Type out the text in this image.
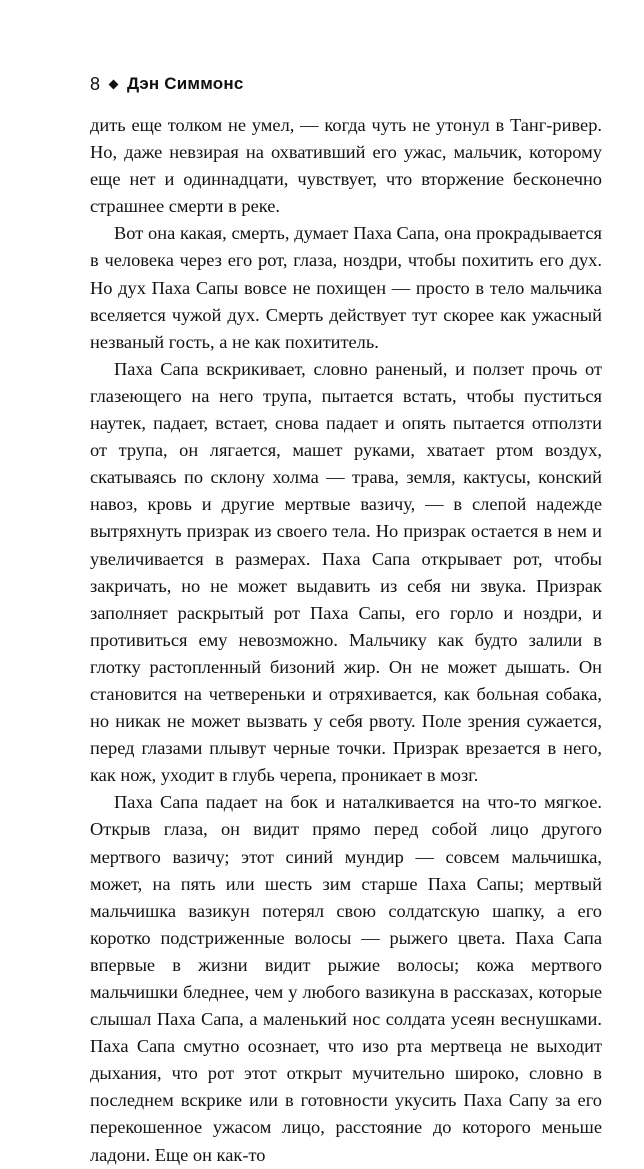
8 Дэн Симмонс

дить еще толком не умел, — когда чуть не утонул в Танг-ривер. Но, даже невзирая на охвативший его ужас, мальчик, которому еще нет и одиннадцати, чувствует, что вторжение бесконечно страшнее смерти в реке.

Вот она какая, смерть, думает Паха Сапа, она прокрадывается в человека через его рот, глаза, ноздри, чтобы похитить его дух. Но дух Паха Сапы вовсе не похищен — просто в тело мальчика вселяется чужой дух. Смерть действует тут скорее как ужасный незваный гость, а не как похититель.

Паха Сапа вскрикивает, словно раненый, и ползет прочь от глазеющего на него трупа, пытается встать, чтобы пуститься наутек, падает, встает, снова падает и опять пытается отползти от трупа, он лягается, машет руками, хватает ртом воздух, скатываясь по склону холма — трава, земля, кактусы, конский навоз, кровь и другие мертвые вазичу, — в слепой надежде вытряхнуть призрак из своего тела. Но призрак остается в нем и увеличивается в размерах. Паха Сапа открывает рот, чтобы закричать, но не может выдавить из себя ни звука. Призрак заполняет раскрытый рот Паха Сапы, его горло и ноздри, и противиться ему невозможно. Мальчику как будто залили в глотку растопленный бизоний жир. Он не может дышать. Он становится на четвереньки и отряхивается, как больная собака, но никак не может вызвать у себя рвоту. Поле зрения сужается, перед глазами плывут черные точки. Призрак врезается в него, как нож, уходит в глубь черепа, проникает в мозг.

Паха Сапа падает на бок и наталкивается на что-то мягкое. Открыв глаза, он видит прямо перед собой лицо другого мертвого вазичу; этот синий мундир — совсем мальчишка, может, на пять или шесть зим старше Паха Сапы; мертвый мальчишка вазикун потерял свою солдатскую шапку, а его коротко подстриженные волосы — рыжего цвета. Паха Сапа впервые в жизни видит рыжие волосы; кожа мертвого мальчишки бледнее, чем у любого вазикуна в рассказах, которые слышал Паха Сапа, а маленький нос солдата усеян веснушками. Паха Сапа смутно осознает, что изо рта мертвеца не выходит дыхания, что рот этот открыт мучительно широко, словно в последнем вскрике или в готовности укусить Паха Сапу за его перекошенное ужасом лицо, расстояние до которого меньше ладони. Еще он как-то
